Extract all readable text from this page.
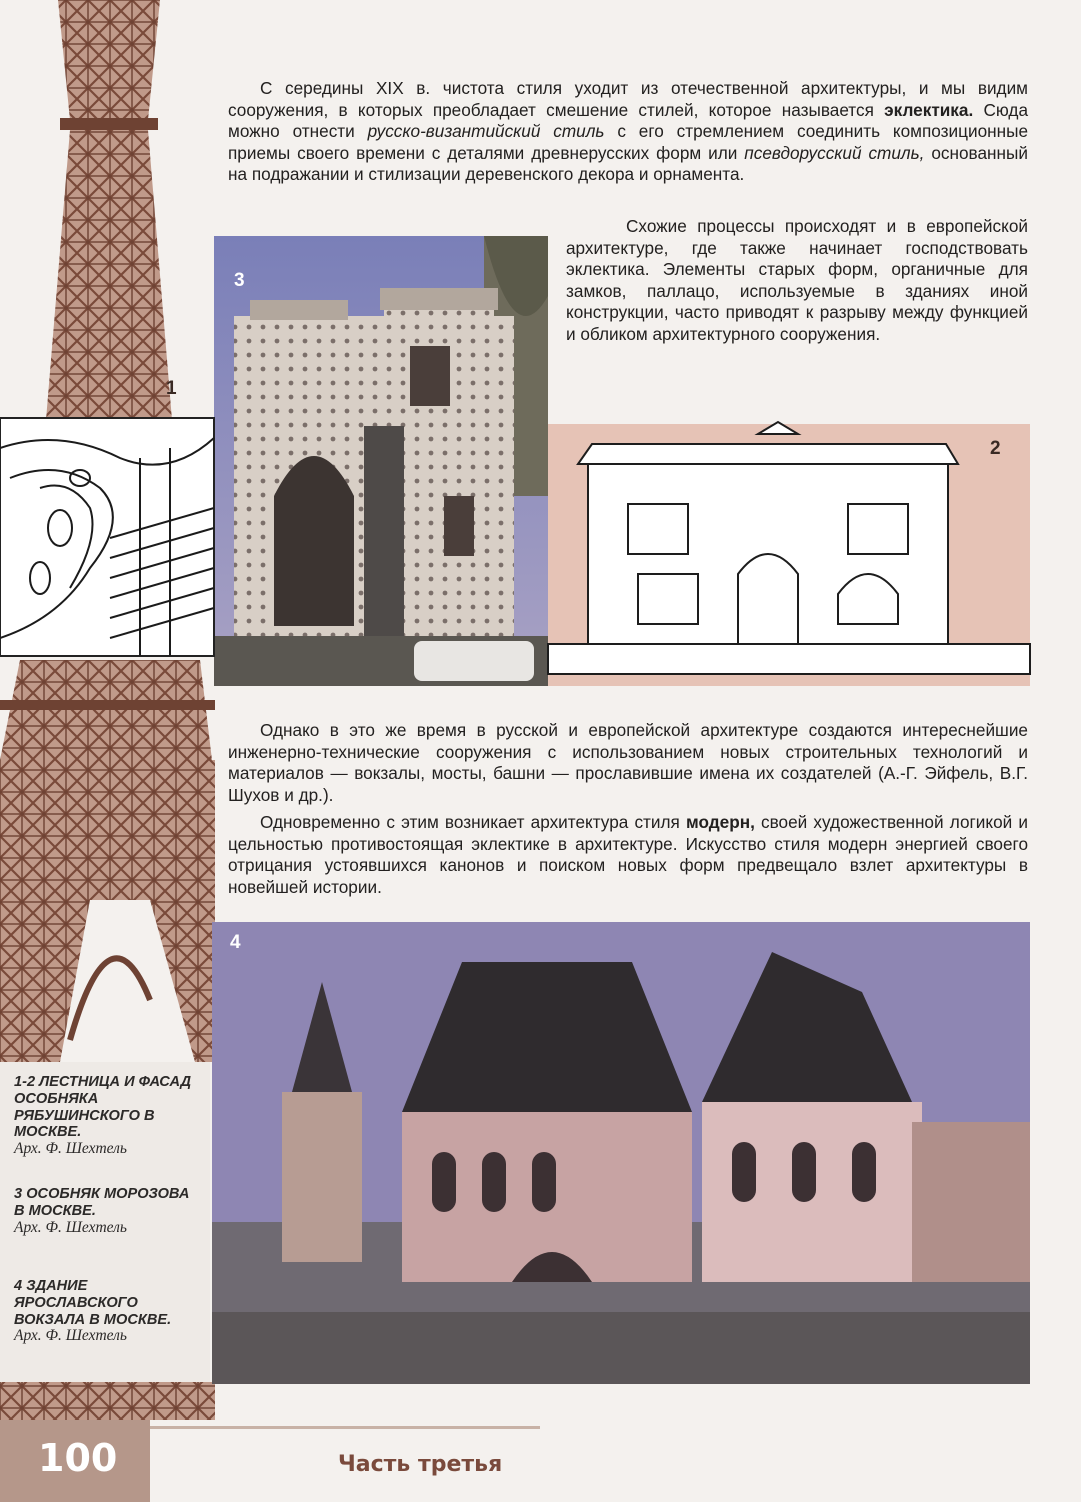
С середины XIX в. чистота стиля уходит из отечественной архитектуры, и мы видим сооружения, в которых преобладает смешение стилей, которое называется эклектика. Сюда можно отнести русско-византийский стиль с его стремлением соединить композиционные приемы своего времени с деталями древнерусских форм или псевдорусский стиль, основанный на подражании и стилизации деревенского декора и орнамента.

3

Схожие процессы происходят и в европейской архитектуре, где также начинает господствовать эклектика. Элементы старых форм, органичные для замков, паллацо, используемые в зданиях иной конструкции, часто приводят к разрыву между функцией и обликом архитектурного сооружения.

1
2

Однако в это же время в русской и европейской архитектуре создаются интереснейшие инженерно-технические сооружения с использованием новых строительных технологий и материалов — вокзалы, мосты, башни — прославившие имена их создателей (А.-Г. Эйфель, В.Г. Шухов и др.).

Одновременно с этим возникает архитектура стиля модерн, своей художественной логикой и цельностью противостоящая эклектике в архитектуре. Искусство стиля модерн энергией своего отрицания устоявшихся канонов и поиском новых форм предвещало взлет архитектуры в новейшей истории.

4
1-2 ЛЕСТНИЦА И ФАСАД ОСОБНЯКА РЯБУШИНСКОГО В МОСКВЕ.
Арх. Ф. Шехтель
3 ОСОБНЯК МОРОЗОВА В МОСКВЕ.
Арх. Ф. Шехтель
4 ЗДАНИЕ ЯРОСЛАВСКОГО ВОКЗАЛА В МОСКВЕ.
Арх. Ф. Шехтель
100	Часть третья
